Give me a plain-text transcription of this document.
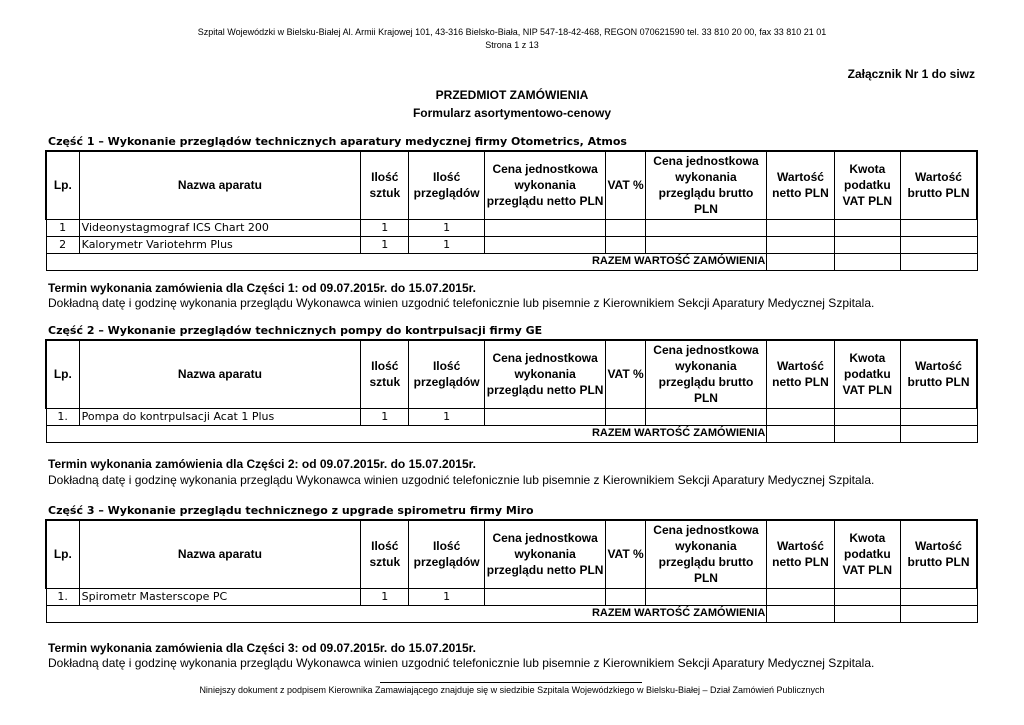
Szpital Wojewódzki w Bielsku-Białej Al. Armii Krajowej 101, 43-316 Bielsko-Biała, NIP 547-18-42-468, REGON 070621590 tel. 33 810 20 00, fax 33 810 21 01
Strona 1 z 13
Załącznik Nr 1 do siwz
PRZEDMIOT ZAMÓWIENIA
Formularz asortymentowo-cenowy
Część 1 – Wykonanie przeglądów technicznych aparatury medycznej firmy Otometrics, Atmos
Lp.	Nazwa aparatu	Ilość sztuk	Ilość przeglądów	Cena jednostkowa wykonania przeglądu netto PLN	VAT %	Cena jednostkowa wykonania przeglądu brutto PLN	Wartość netto PLN	Kwota podatku VAT PLN	Wartość brutto PLN
1	Videonystagmograf ICS Chart 200	1	1						
2	Kalorymetr Variotehrm Plus	1	1						
RAZEM WARTOŚĆ ZAMÓWIENIA									
Termin wykonania zamówienia dla Części 1: od 09.07.2015r. do 15.07.2015r.
Dokładną datę i godzinę wykonania przeglądu Wykonawca winien uzgodnić telefonicznie lub pisemnie z Kierownikiem Sekcji Aparatury Medycznej Szpitala.
Część 2 – Wykonanie przeglądów technicznych pompy do kontrpulsacji firmy GE
Lp.	Nazwa aparatu	Ilość sztuk	Ilość przeglądów	Cena jednostkowa wykonania przeglądu netto PLN	VAT %	Cena jednostkowa wykonania przeglądu brutto PLN	Wartość netto PLN	Kwota podatku VAT PLN	Wartość brutto PLN
1.	Pompa do kontrpulsacji Acat 1 Plus	1	1						
RAZEM WARTOŚĆ ZAMÓWIENIA									
Termin wykonania zamówienia dla Części 2: od 09.07.2015r. do 15.07.2015r.
Dokładną datę i godzinę wykonania przeglądu Wykonawca winien uzgodnić telefonicznie lub pisemnie z Kierownikiem Sekcji Aparatury Medycznej Szpitala.
Część 3 – Wykonanie przeglądu technicznego z upgrade spirometru firmy Miro
Lp.	Nazwa aparatu	Ilość sztuk	Ilość przeglądów	Cena jednostkowa wykonania przeglądu netto PLN	VAT %	Cena jednostkowa wykonania przeglądu brutto PLN	Wartość netto PLN	Kwota podatku VAT PLN	Wartość brutto PLN
1.	Spirometr Masterscope PC	1	1						
RAZEM WARTOŚĆ ZAMÓWIENIA									
Termin wykonania zamówienia dla Części 3: od 09.07.2015r. do 15.07.2015r.
Dokładną datę i godzinę wykonania przeglądu Wykonawca winien uzgodnić telefonicznie lub pisemnie z Kierownikiem Sekcji Aparatury Medycznej Szpitala.
Niniejszy dokument z podpisem Kierownika Zamawiającego znajduje się w siedzibie Szpitala Wojewódzkiego w Bielsku-Białej – Dział Zamówień Publicznych
